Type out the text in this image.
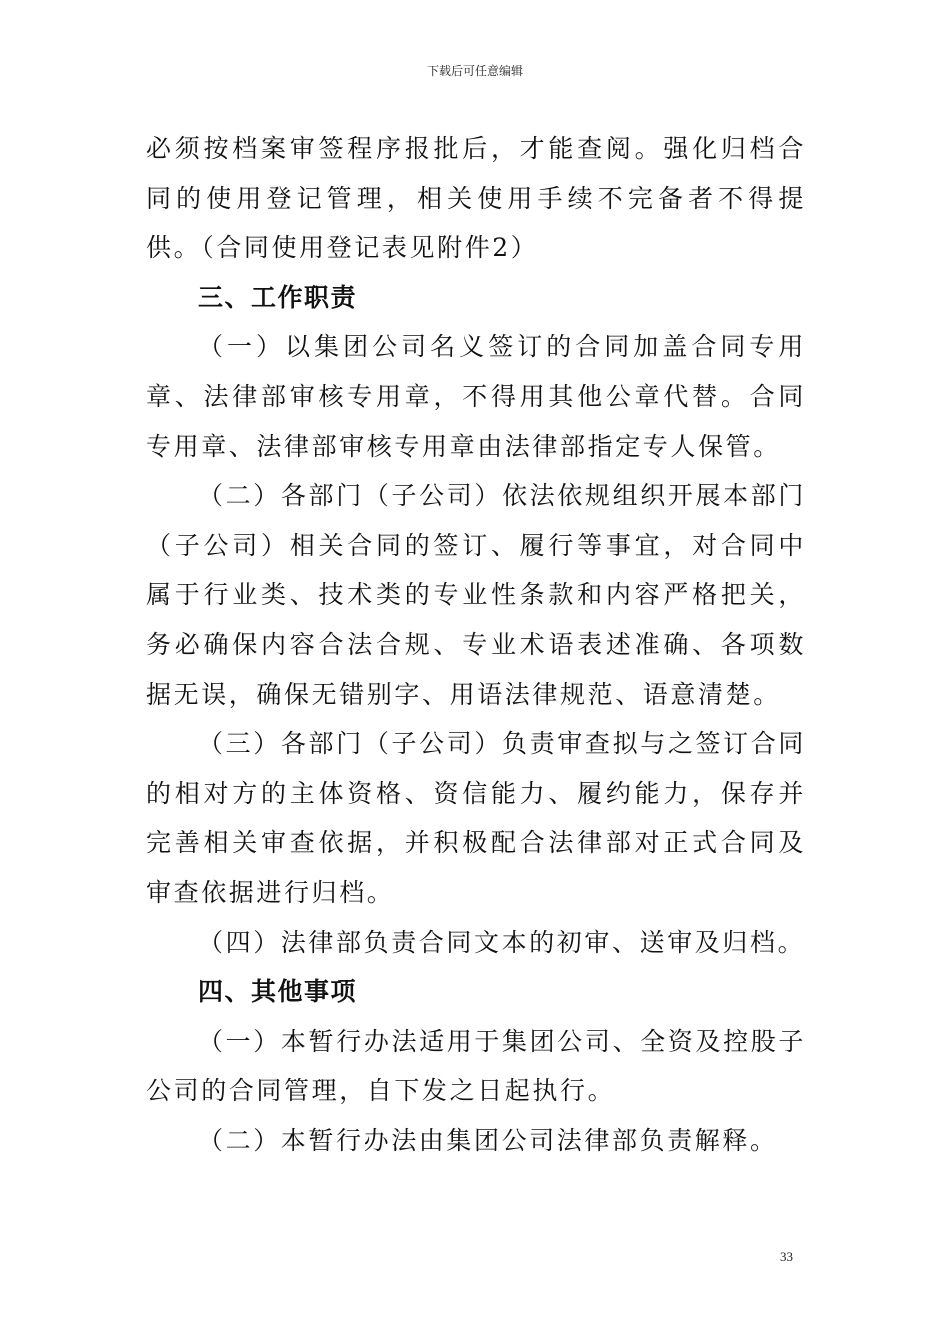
下载后可任意编辑

必须按档案审签程序报批后，才能查阅。强化归档合同的使用登记管理，相关使用手续不完备者不得提供。（合同使用登记表见附件2）

三、工作职责

（一）以集团公司名义签订的合同加盖合同专用章、法律部审核专用章，不得用其他公章代替。合同专用章、法律部审核专用章由法律部指定专人保管。

（二）各部门（子公司）依法依规组织开展本部门（子公司）相关合同的签订、履行等事宜，对合同中属于行业类、技术类的专业性条款和内容严格把关，务必确保内容合法合规、专业术语表述准确、各项数据无误，确保无错别字、用语法律规范、语意清楚。

（三）各部门（子公司）负责审查拟与之签订合同的相对方的主体资格、资信能力、履约能力，保存并完善相关审查依据，并积极配合法律部对正式合同及审查依据进行归档。

（四）法律部负责合同文本的初审、送审及归档。

四、其他事项

（一）本暂行办法适用于集团公司、全资及控股子公司的合同管理，自下发之日起执行。

（二）本暂行办法由集团公司法律部负责解释。

33
